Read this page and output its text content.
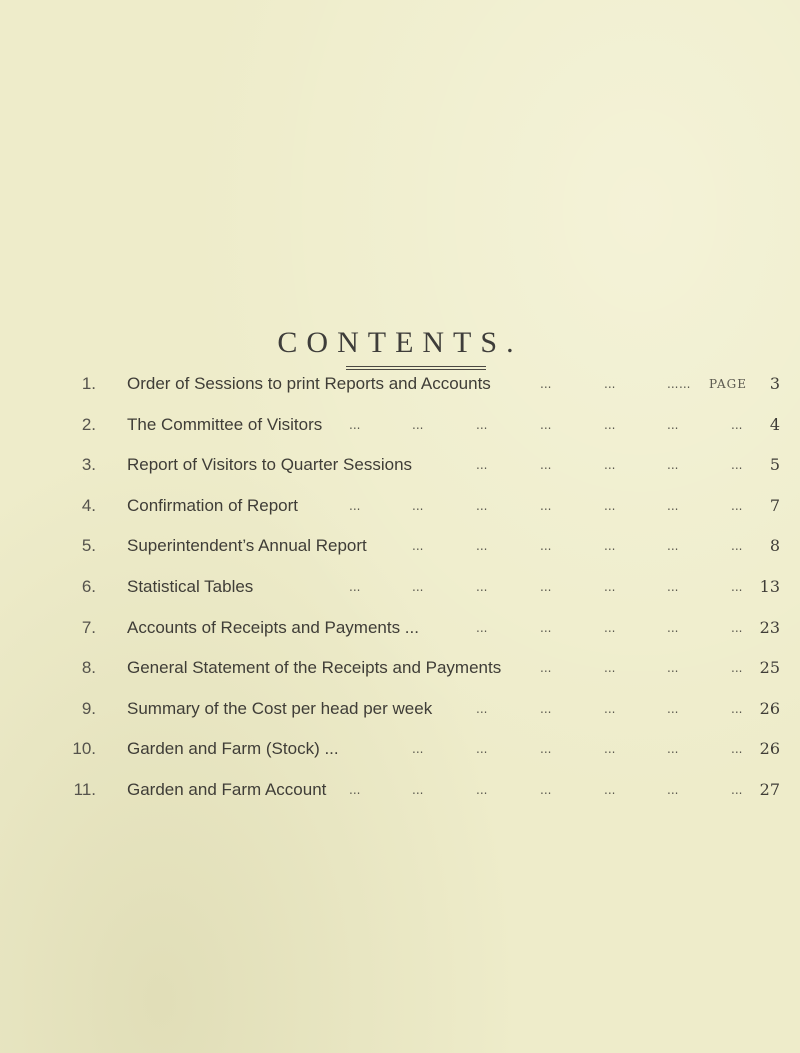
CONTENTS.
1. Order of Sessions to print Reports and Accounts	...	...	... ... PAGE	3
2. The Committee of Visitors ...	...	...	...	...	...	...	4
3. Report of Visitors to Quarter Sessions	...	...	...	...	...	5
4. Confirmation of Report	...	...	...	...	...	...	...	7
5. Superintendent’s Annual Report	...	...	...	...	...	...	8
6. Statistical Tables	...	...	...	...	...	...	...	13
7. Accounts of Receipts and Payments ...	...	...	...	...	...	23
8. General Statement of the Receipts and Payments	...	...	...	...	25
9. Summary of the Cost per head per week	...	...	...	...	...	26
10. Garden and Farm (Stock) ...	...	...	...	...	...	...	26
11. Garden and Farm Account ...	...	...	...	...	...	...	27
